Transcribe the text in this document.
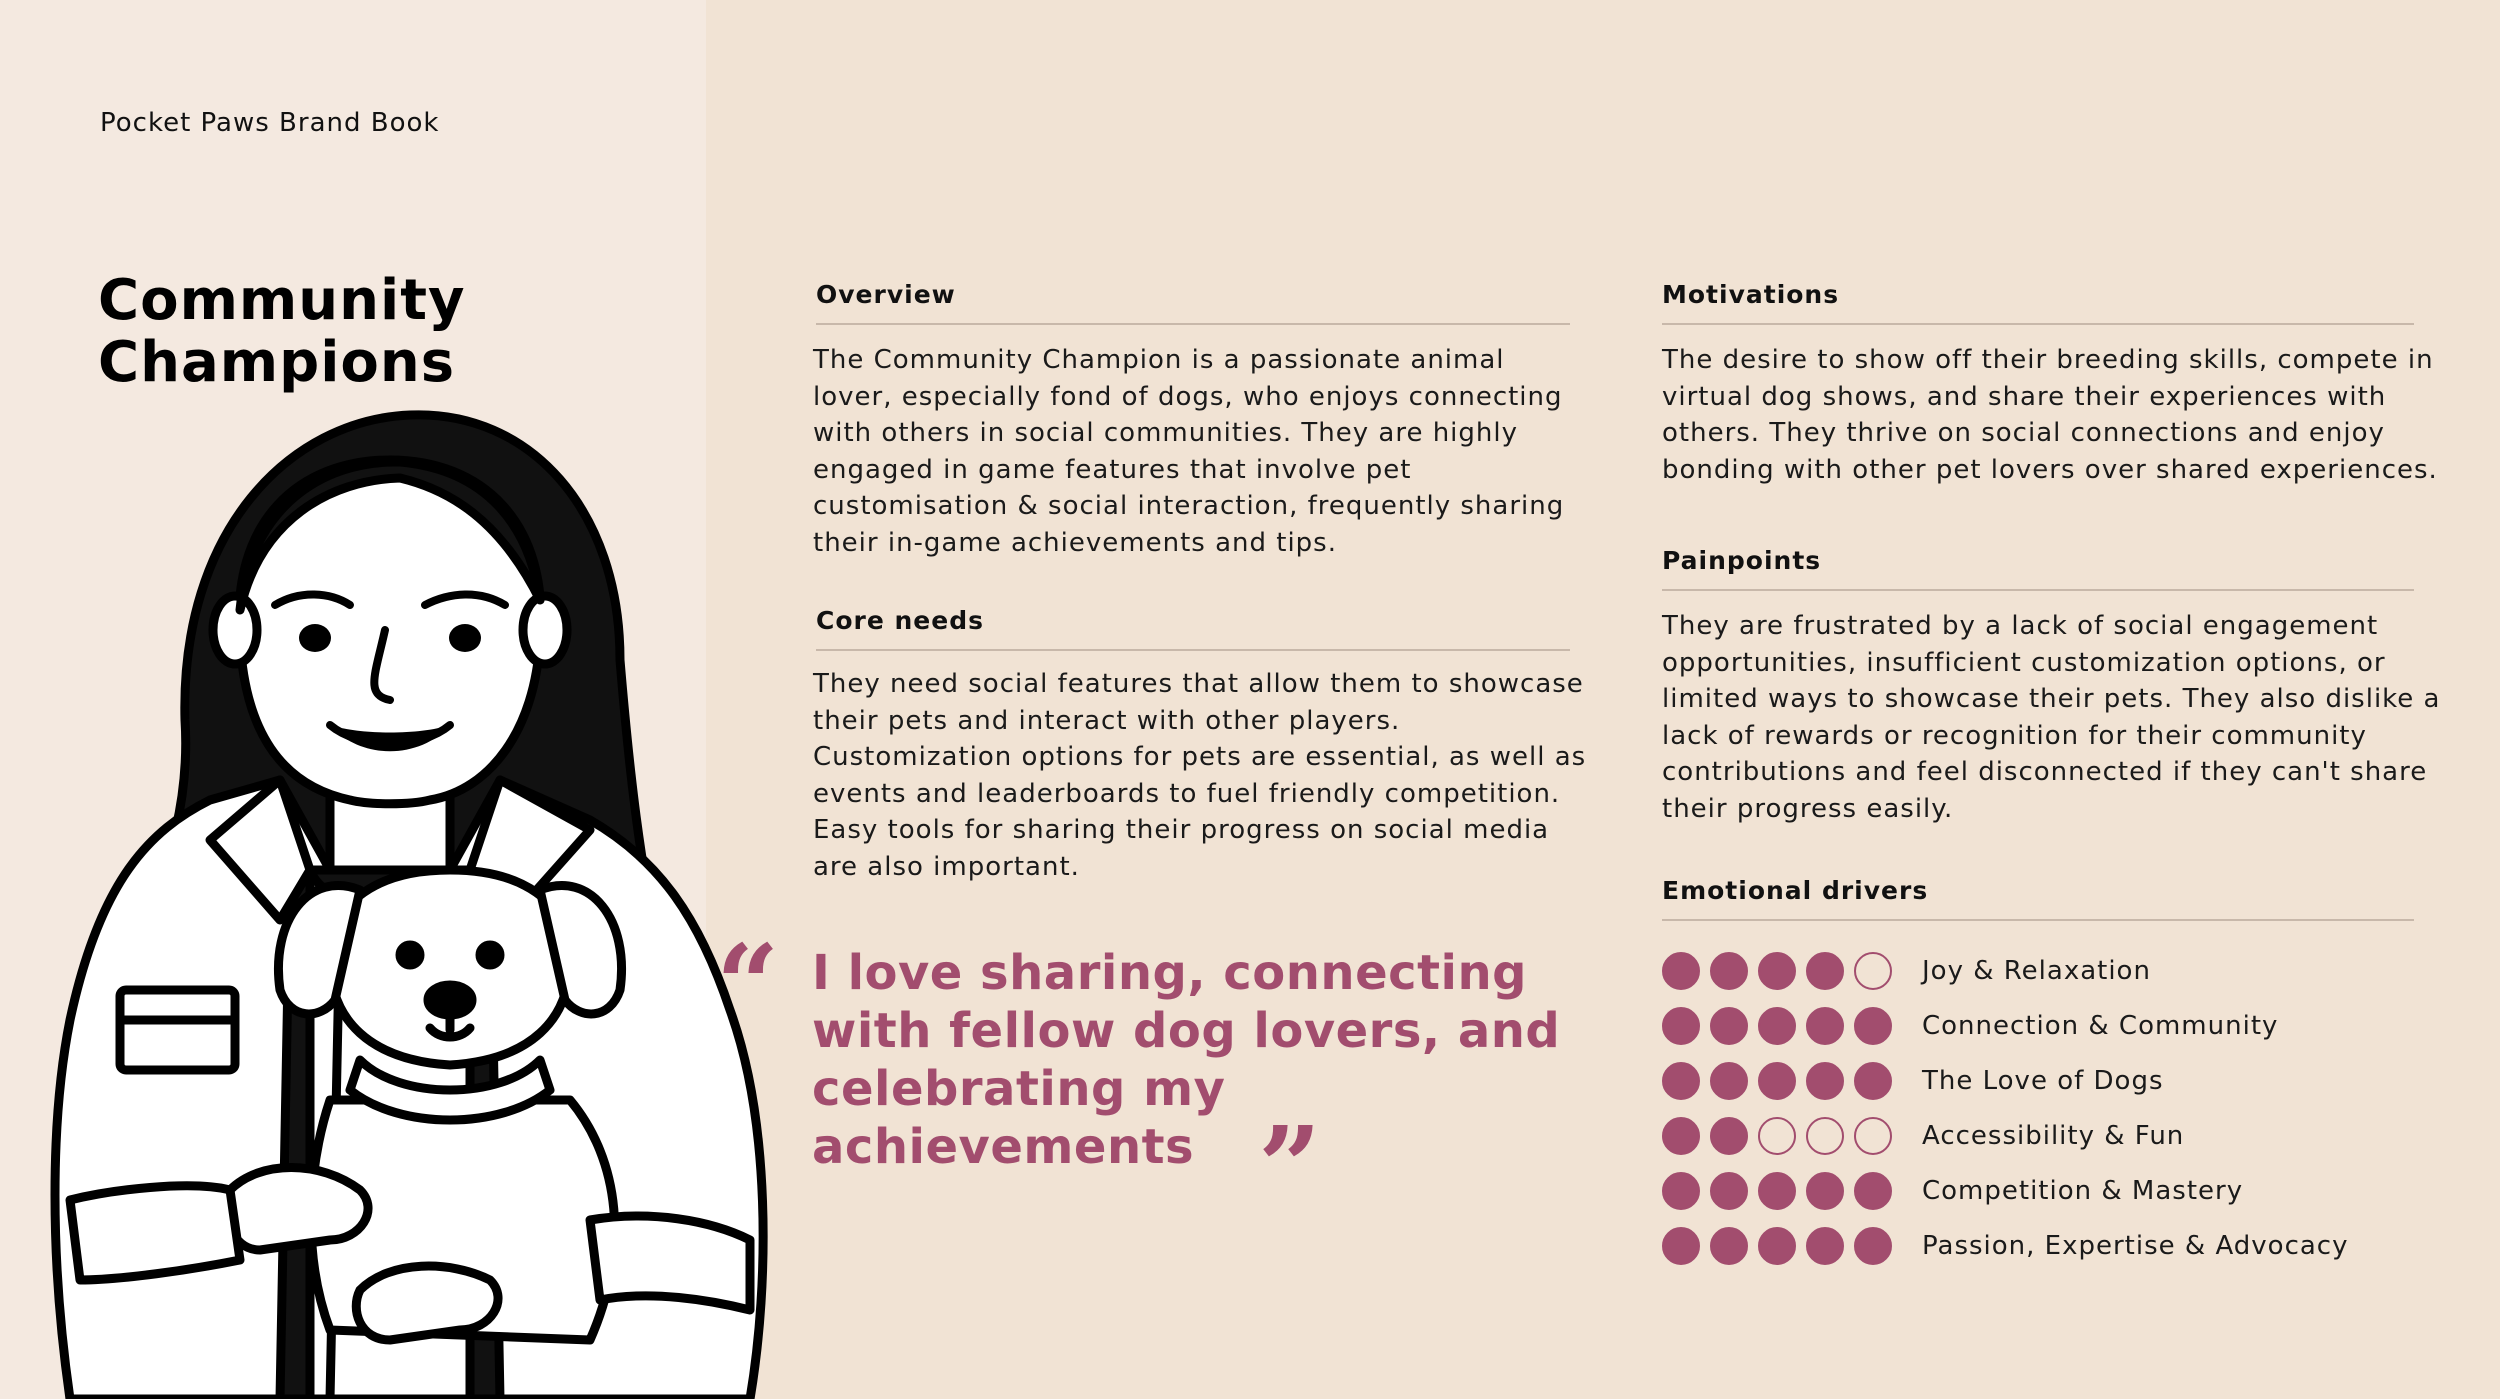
Pocket Paws Brand Book
Community
Champions
Overview

The Community Champion is a passionate animal lover, especially fond of dogs, who enjoys connecting with others in social communities. They are highly engaged in game features that involve pet customisation & social interaction, frequently sharing their in-game achievements and tips.

Core needs

They need social features that allow them to showcase their pets and interact with other players. Customization options for pets are essential, as well as events and leaderboards to fuel friendly competition. Easy tools for sharing their progress on social media are also important.

Motivations

The desire to show off their breeding skills, compete in virtual dog shows, and share their experiences with others. They thrive on social connections and enjoy bonding with other pet lovers over shared experiences.

Painpoints

They are frustrated by a lack of social engagement opportunities, insufficient customization options, or limited ways to showcase their pets. They also dislike a lack of rewards or recognition for their community contributions and feel disconnected if they can't share their progress easily.

“ I love sharing, connecting with fellow dog lovers, and celebrating my achievements ”
Emotional drivers
Joy & Relaxation
Connection & Community
The Love of Dogs
Accessibility & Fun
Competition & Mastery
Passion, Expertise & Advocacy
